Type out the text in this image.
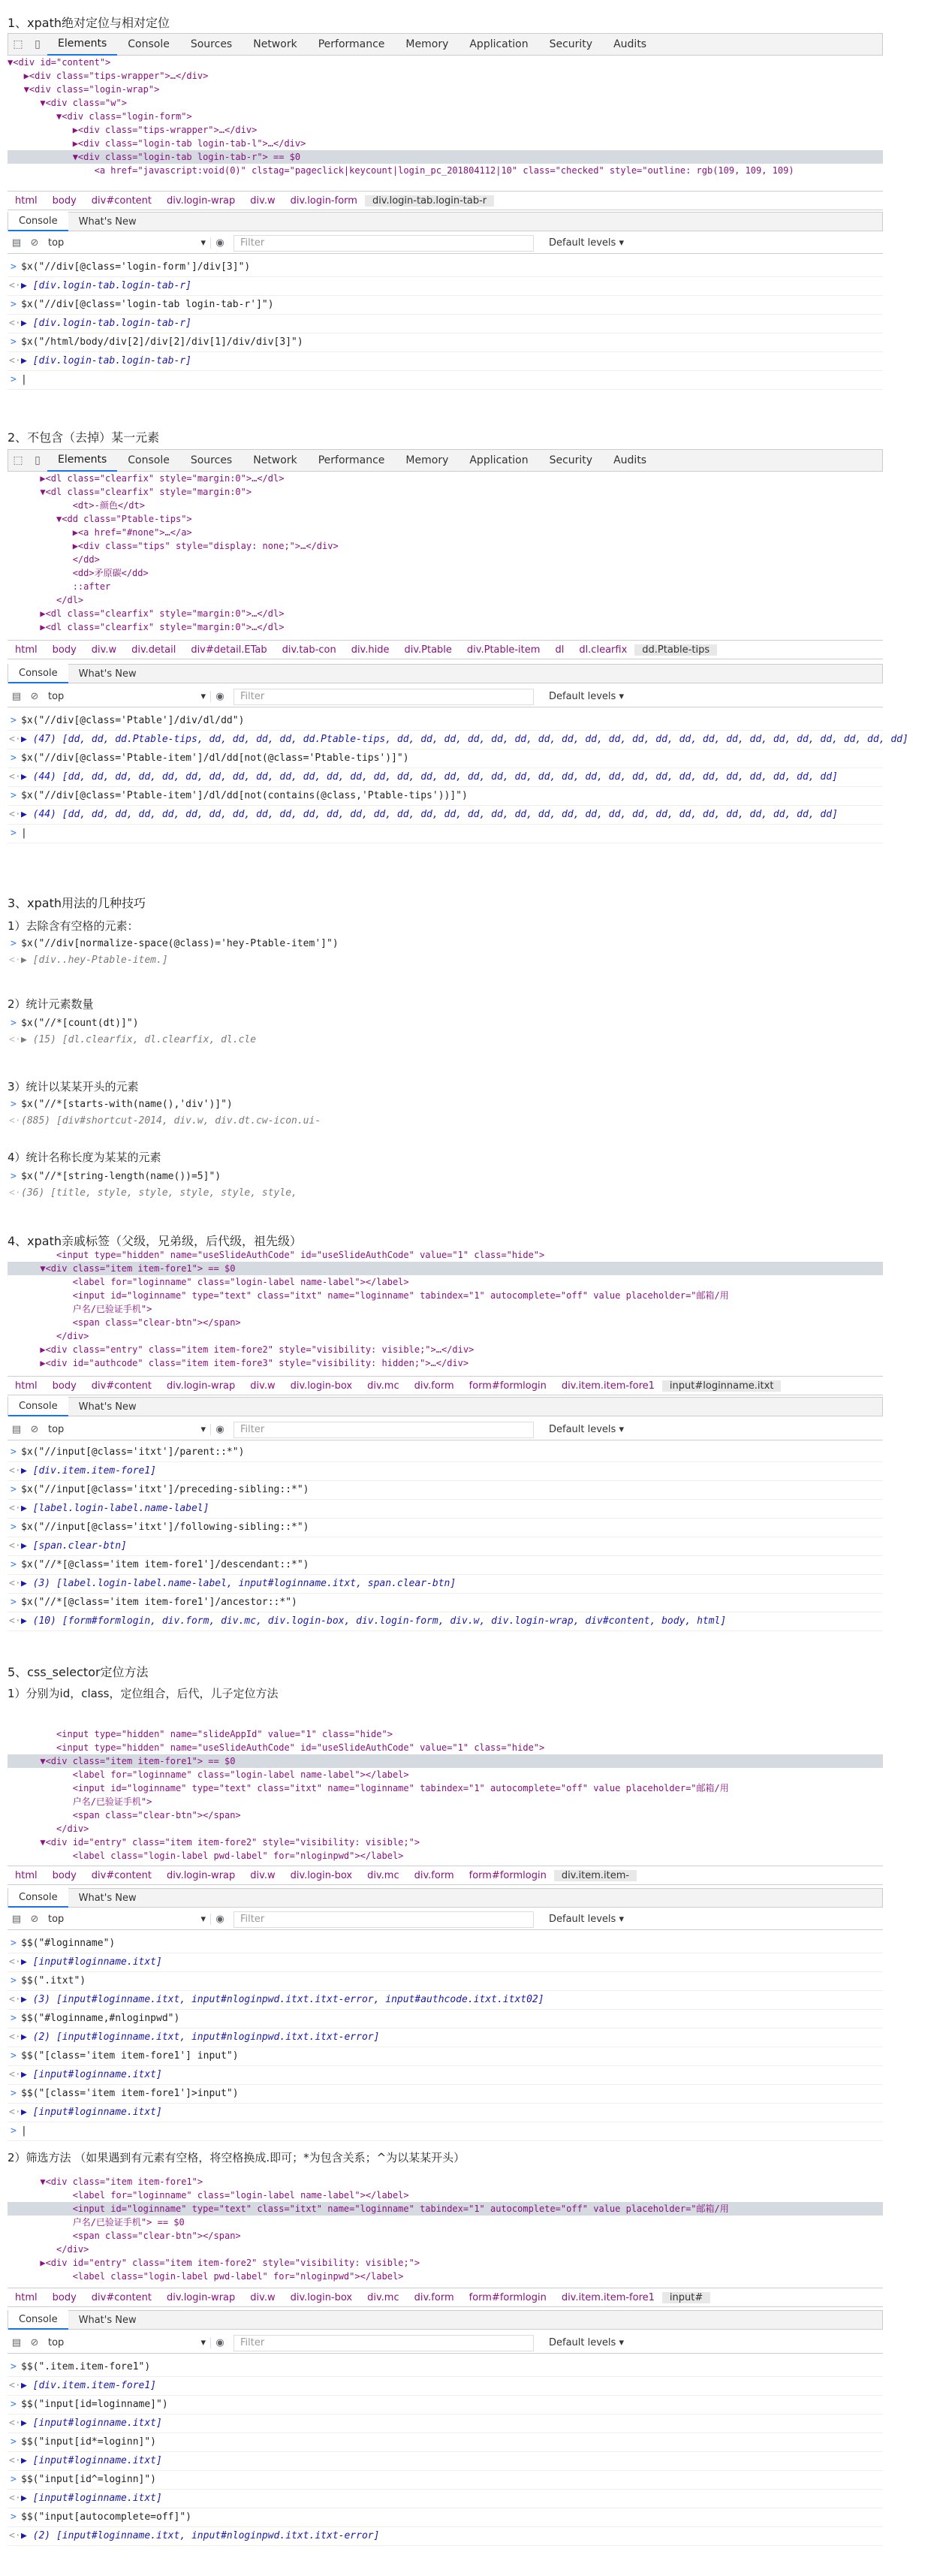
1、xpath绝对定位与相对定位
⬚	▯	Elements	Console	Sources	Network	Performance	Memory	Application	Security	Audits
▼<div id="content">
▶<div class="tips-wrapper">…</div>
▼<div class="login-wrap">
▼<div class="w">
▼<div class="login-form">
▶<div class="tips-wrapper">…</div>
▶<div class="login-tab login-tab-l">…</div>
▼<div class="login-tab login-tab-r"> == $0
<a href="javascript:void(0)" clstag="pageclick|keycount|login_pc_201804112|10" class="checked" style="outline: rgb(109, 109, 109)
html	body	div#content	div.login-wrap	div.w	div.login-form	div.login-tab.login-tab-r
Console	What's New
▤ ⊘ top	▾	◉	Filter	Default levels ▾
> $x("//div[@class='login-form']/div[3]")
<· ▶ [div.login-tab.login-tab-r]
> $x("//div[@class='login-tab login-tab-r']")
<· ▶ [div.login-tab.login-tab-r]
> $x("/html/body/div[2]/div[2]/div[1]/div/div[3]")
<· ▶ [div.login-tab.login-tab-r]
> |
2、不包含（去掉）某一元素
⬚	▯	Elements	Console	Sources	Network	Performance	Memory	Application	Security	Audits
▶<dl class="clearfix" style="margin:0">…</dl>
▼<dl class="clearfix" style="margin:0">
<dt>-颜色</dt>
▼<dd class="Ptable-tips">
▶<a href="#none">…</a>
▶<div class="tips" style="display: none;">…</div>
</dd>
<dd>矛原碳</dd>
::after
</dl>
▶<dl class="clearfix" style="margin:0">…</dl>
▶<dl class="clearfix" style="margin:0">…</dl>
html	body	div.w	div.detail	div#detail.ETab	div.tab-con	div.hide	div.Ptable	div.Ptable-item	dl	dl.clearfix	dd.Ptable-tips
Console	What's New
▤ ⊘ top	▾	◉	Filter	Default levels ▾
> $x("//div[@class='Ptable']/div/dl/dd")
<· ▶ (47) [dd, dd, dd.Ptable-tips, dd, dd, dd, dd, dd.Ptable-tips, dd, dd, dd, dd, dd, dd, dd, dd, dd, dd, dd, dd, dd, dd, dd, dd, dd, dd, dd, dd, dd, dd]
> $x("//div[@class='Ptable-item']/dl/dd[not(@class='Ptable-tips')]")
<· ▶ (44) [dd, dd, dd, dd, dd, dd, dd, dd, dd, dd, dd, dd, dd, dd, dd, dd, dd, dd, dd, dd, dd, dd, dd, dd, dd, dd, dd, dd, dd, dd, dd, dd, dd]
> $x("//div[@class='Ptable-item']/dl/dd[not(contains(@class,'Ptable-tips'))]")
<· ▶ (44) [dd, dd, dd, dd, dd, dd, dd, dd, dd, dd, dd, dd, dd, dd, dd, dd, dd, dd, dd, dd, dd, dd, dd, dd, dd, dd, dd, dd, dd, dd, dd, dd, dd]
> |
3、xpath用法的几种技巧
1）去除含有空格的元素：
> $x("//div[normalize-space(@class)='hey-Ptable-item']")
<· ▶ [div..hey-Ptable-item.]
2）统计元素数量
> $x("//*[count(dt)]")
<· ▶ (15) [dl.clearfix, dl.clearfix, dl.cle
3）统计以某某开头的元素
> $x("//*[starts-with(name(),'div')]")
<· (885) [div#shortcut-2014, div.w, div.dt.cw-icon.ui-
4）统计名称长度为某某的元素
> $x("//*[string-length(name())=5]")
<· (36) [title, style, style, style, style, style,
4、xpath亲戚标签（父级，兄弟级，后代级，祖先级）
<input type="hidden" name="useSlideAuthCode" id="useSlideAuthCode" value="1" class="hide">
▼<div class="item item-fore1"> == $0
<label for="loginname" class="login-label name-label"></label>
<input id="loginname" type="text" class="itxt" name="loginname" tabindex="1" autocomplete="off" value placeholder="邮箱/用
户名/已验证手机">
<span class="clear-btn"></span>
</div>
▶<div class="entry" class="item item-fore2" style="visibility: visible;">…</div>
▶<div id="authcode" class="item item-fore3" style="visibility: hidden;">…</div>
html	body	div#content	div.login-wrap	div.w	div.login-box	div.mc	div.form	form#formlogin	div.item.item-fore1	input#loginname.itxt
Console	What's New
▤ ⊘ top	▾	◉	Filter	Default levels ▾
> $x("//input[@class='itxt']/parent::*")
<· ▶ [div.item.item-fore1]
> $x("//input[@class='itxt']/preceding-sibling::*")
<· ▶ [label.login-label.name-label]
> $x("//input[@class='itxt']/following-sibling::*")
<· ▶ [span.clear-btn]
> $x("//*[@class='item item-fore1']/descendant::*")
<· ▶ (3) [label.login-label.name-label, input#loginname.itxt, span.clear-btn]
> $x("//*[@class='item item-fore1']/ancestor::*")
<· ▶ (10) [form#formlogin, div.form, div.mc, div.login-box, div.login-form, div.w, div.login-wrap, div#content, body, html]
5、css_selector定位方法
1）分别为id，class，定位组合，后代，儿子定位方法
<input type="hidden" name="slideAppId" value="1" class="hide">
<input type="hidden" name="useSlideAuthCode" id="useSlideAuthCode" value="1" class="hide">
▼<div class="item item-fore1"> == $0
<label for="loginname" class="login-label name-label"></label>
<input id="loginname" type="text" class="itxt" name="loginname" tabindex="1" autocomplete="off" value placeholder="邮箱/用
户名/已验证手机">
<span class="clear-btn"></span>
</div>
▼<div id="entry" class="item item-fore2" style="visibility: visible;">
<label class="login-label pwd-label" for="nloginpwd"></label>
html	body	div#content	div.login-wrap	div.w	div.login-box	div.mc	div.form	form#formlogin	div.item.item-
Console	What's New
▤ ⊘ top	▾	◉	Filter	Default levels ▾
> $$("#loginname")
<· ▶ [input#loginname.itxt]
> $$(".itxt")
<· ▶ (3) [input#loginname.itxt, input#nloginpwd.itxt.itxt-error, input#authcode.itxt.itxt02]
> $$("#loginname,#nloginpwd")
<· ▶ (2) [input#loginname.itxt, input#nloginpwd.itxt.itxt-error]
> $$("[class='item item-fore1'] input")
<· ▶ [input#loginname.itxt]
> $$("[class='item item-fore1']>input")
<· ▶ [input#loginname.itxt]
> |
2）筛选方法 （如果遇到有元素有空格，将空格换成.即可；*为包含关系；^为以某某开头）
▼<div class="item item-fore1">
<label for="loginname" class="login-label name-label"></label>
<input id="loginname" type="text" class="itxt" name="loginname" tabindex="1" autocomplete="off" value placeholder="邮箱/用
户名/已验证手机"> == $0
<span class="clear-btn"></span>
</div>
▶<div id="entry" class="item item-fore2" style="visibility: visible;">
<label class="login-label pwd-label" for="nloginpwd"></label>
html	body	div#content	div.login-wrap	div.w	div.login-box	div.mc	div.form	form#formlogin	div.item.item-fore1	input#
Console	What's New
▤ ⊘ top	▾	◉	Filter	Default levels ▾
> $$(".item.item-fore1")
<· ▶ [div.item.item-fore1]
> $$("input[id=loginname]")
<· ▶ [input#loginname.itxt]
> $$("input[id*=loginn]")
<· ▶ [input#loginname.itxt]
> $$("input[id^=loginn]")
<· ▶ [input#loginname.itxt]
> $$("input[autocomplete=off]")
<· ▶ (2) [input#loginname.itxt, input#nloginpwd.itxt.itxt-error]
